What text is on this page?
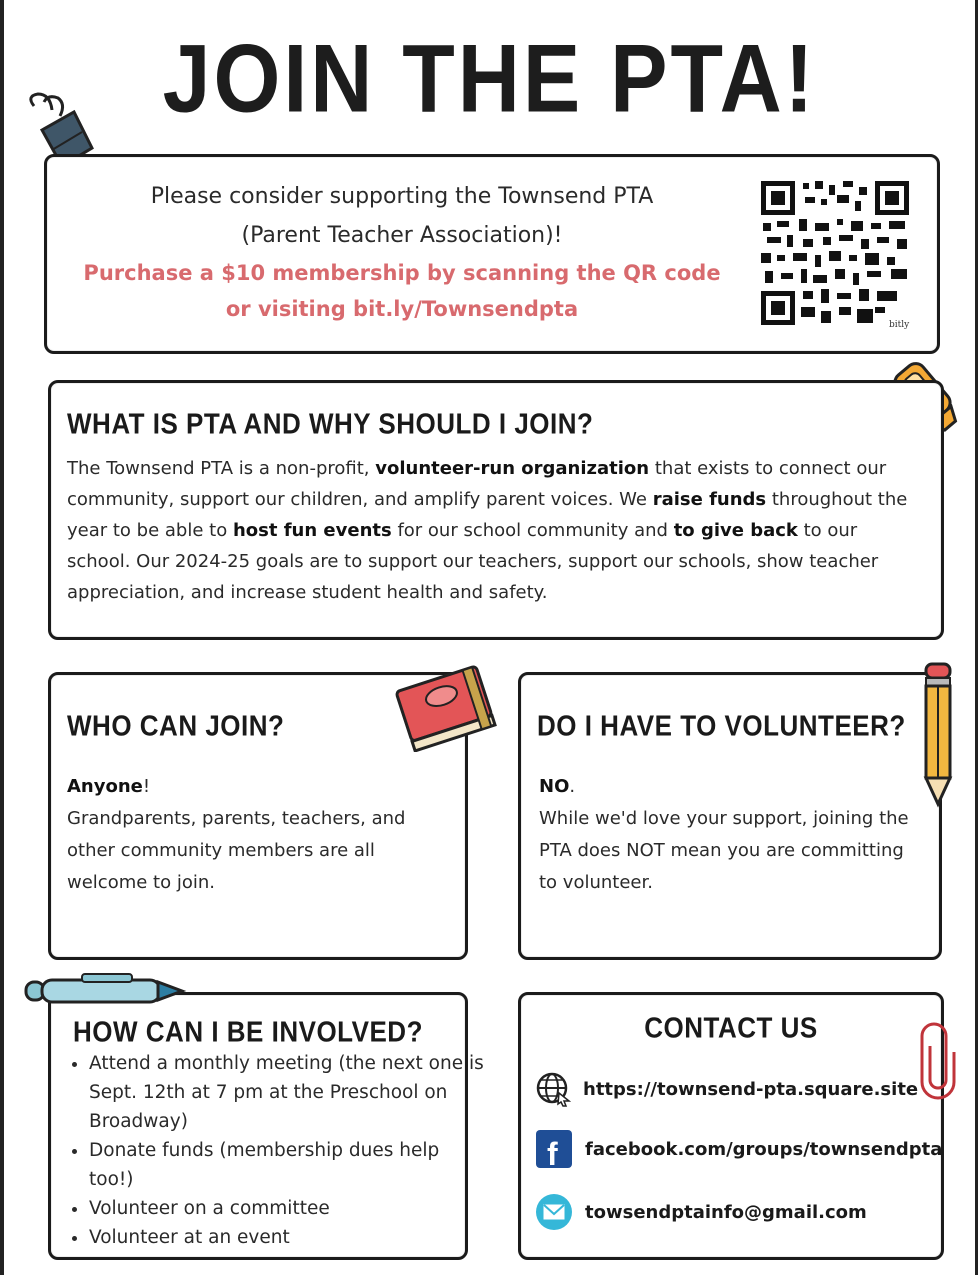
JOIN THE PTA!
Please consider supporting the Townsend PTA
(Parent Teacher Association)!
Purchase a $10 membership by scanning the QR code
or visiting bit.ly/Townsendpta
bitly
WHAT IS PTA AND WHY SHOULD I JOIN?
The Townsend PTA is a non-profit, volunteer-run organization that exists to connect our community, support our children, and amplify parent voices. We raise funds throughout the year to be able to host fun events for our school community and to give back to our school. Our 2024-25 goals are to support our teachers, support our schools, show teacher appreciation, and increase student health and safety.
WHO CAN JOIN?
Anyone!
Grandparents, parents, teachers, and other community members are all welcome to join.
DO I HAVE TO VOLUNTEER?
NO.
While we'd love your support, joining the PTA does NOT mean you are committing to volunteer.
HOW CAN I BE INVOLVED?
• Attend a monthly meeting (the next one is Sept. 12th at 7 pm at the Preschool on Broadway)
• Donate funds (membership dues help too!)
• Volunteer on a committee
• Volunteer at an event
CONTACT US
https://townsend-pta.square.site
f facebook.com/groups/townsendpta
towsendptainfo@gmail.com
